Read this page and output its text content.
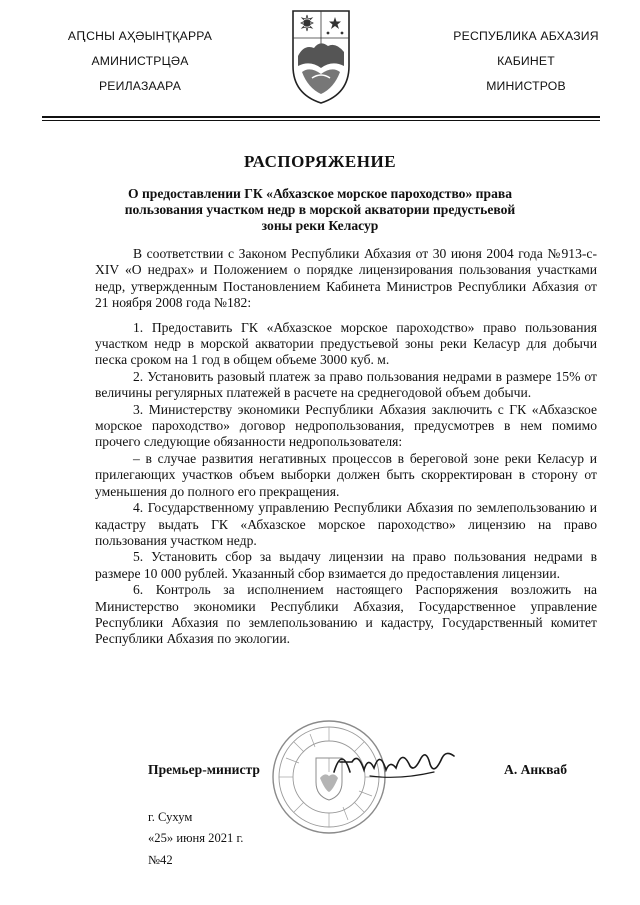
АԤСНЫ АҲӘЫНҬҚАРРА
АМИНИСТРЦӘА
РЕИЛАЗААРА
РЕСПУБЛИКА АБХАЗИЯ
КАБИНЕТ
МИНИСТРОВ
РАСПОРЯЖЕНИЕ
О предоставлении ГК «Абхазское морское пароходство» права пользования участком недр в морской акватории предустьевой зоны реки Келасур

В соответствии с Законом Республики Абхазия от 30 июня 2004 года №913-с-XIV «О недрах» и Положением о порядке лицензирования пользования участками недр, утвержденным Постановлением Кабинета Министров Республики Абхазия от 21 ноября 2008 года №182:

1. Предоставить ГК «Абхазское морское пароходство» право пользования участком недр в морской акватории предустьевой зоны реки Келасур для добычи песка сроком на 1 год в общем объеме 3000 куб. м.

2. Установить разовый платеж за право пользования недрами в размере 15% от величины регулярных платежей в расчете на среднегодовой объем добычи.

3. Министерству экономики Республики Абхазия заключить с ГК «Абхазское морское пароходство» договор недропользования, предусмотрев в нем помимо прочего следующие обязанности недропользователя:

– в случае развития негативных процессов в береговой зоне реки Келасур и прилегающих участков объем выборки должен быть скорректирован в сторону от уменьшения до полного его прекращения.

4. Государственному управлению Республики Абхазия по землепользованию и кадастру выдать ГК «Абхазское морское пароходство» лицензию на право пользования участком недр.

5. Установить сбор за выдачу лицензии на право пользования недрами в размере 10 000 рублей. Указанный сбор взимается до предоставления лицензии.

6. Контроль за исполнением настоящего Распоряжения возложить на Министерство экономики Республики Абхазия, Государственное управление Республики Абхазия по землепользованию и кадастру, Государственный комитет Республики Абхазия по экологии.

Премьер-министр	А. Анкваб
г. Сухум
«25» июня 2021 г.
№42
